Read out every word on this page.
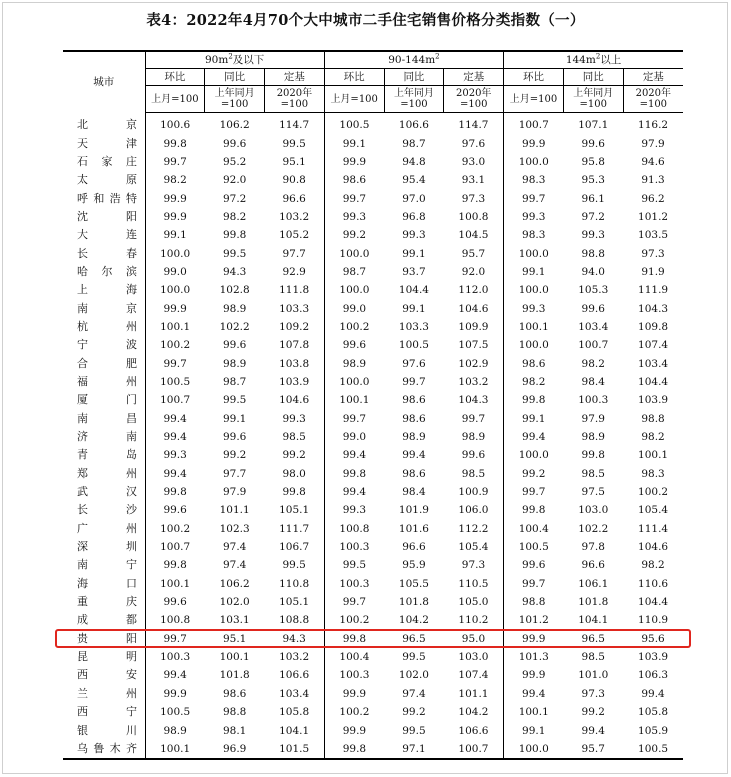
表4：2022年4月70个大中城市二手住宅销售价格分类指数（一）
城市	$90m^2$及以下			$90-144m^2$			$144m^2$以上		
	环比	同比	定基	环比	同比	定基	环比	同比	定基
	上月=100	上年同月=100	2020年=100	上月=100	上年同月=100	2020年=100	上月=100	上年同月=100	2020年=100
北京	100.6	106.2	114.7	100.5	106.6	114.7	100.7	107.1	116.2
天津	99.8	99.6	99.5	99.1	98.7	97.6	99.9	99.6	97.9
石家庄	99.7	95.2	95.1	99.9	94.8	93.0	100.0	95.8	94.6
太原	98.2	92.0	90.8	98.6	95.4	93.1	98.3	95.3	91.3
呼和浩特	99.9	97.2	96.6	99.7	97.0	97.3	99.7	96.1	96.2
沈阳	99.9	98.2	103.2	99.3	96.8	100.8	99.3	97.2	101.2
大连	99.1	99.8	105.2	99.2	99.3	104.5	98.3	99.3	103.5
长春	100.0	99.5	97.7	100.0	99.1	95.7	100.0	98.8	97.3
哈尔滨	99.0	94.3	92.9	98.7	93.7	92.0	99.1	94.0	91.9
上海	100.0	102.8	111.8	100.0	104.4	112.0	100.0	105.3	111.9
南京	99.9	98.9	103.3	99.0	99.1	104.6	99.3	99.6	104.3
杭州	100.1	102.2	109.2	100.2	103.3	109.9	100.1	103.4	109.8
宁波	100.2	99.6	107.8	99.6	100.5	107.5	100.0	100.7	107.4
合肥	99.7	98.9	103.8	98.9	97.6	102.9	98.6	98.2	103.4
福州	100.5	98.7	103.9	100.0	99.7	103.2	98.2	98.4	104.4
厦门	100.7	99.5	104.6	100.1	98.6	104.3	99.8	100.3	103.9
南昌	99.4	99.1	99.3	99.7	98.6	99.7	99.1	97.9	98.8
济南	99.4	99.6	98.5	99.0	98.9	98.9	99.4	98.9	98.2
青岛	99.3	99.2	99.2	99.4	99.4	99.6	100.0	99.8	100.1
郑州	99.4	97.7	98.0	99.8	98.6	98.5	99.2	98.5	98.3
武汉	99.8	97.9	99.8	99.4	98.4	100.9	99.7	97.5	100.2
长沙	99.6	101.1	105.1	99.3	101.9	106.0	99.8	103.0	105.4
广州	100.2	102.3	111.7	100.8	101.6	112.2	100.4	102.2	111.4
深圳	100.7	97.4	106.7	100.3	96.6	105.4	100.5	97.8	104.6
南宁	99.8	97.4	99.5	99.5	95.9	97.3	99.6	96.6	98.2
海口	100.1	106.2	110.8	100.3	105.5	110.5	99.7	106.1	110.6
重庆	99.6	102.0	105.1	99.7	101.8	105.0	98.8	101.8	104.4
成都	100.8	103.1	108.8	100.2	104.2	110.2	101.2	104.1	110.9
贵阳	99.7	95.1	94.3	99.8	96.5	95.0	99.9	96.5	95.6
昆明	100.3	100.1	103.2	100.4	99.5	103.0	101.3	98.5	103.9
西安	99.4	101.8	106.6	100.3	102.0	107.4	99.9	101.0	106.3
兰州	99.9	98.6	103.4	99.9	97.4	101.1	99.4	97.3	99.4
西宁	100.5	98.8	105.8	100.2	99.2	104.2	100.1	99.2	105.8
银川	98.9	98.1	104.1	99.9	99.5	106.6	99.1	99.4	105.9
乌鲁木齐	100.1	96.9	101.5	99.8	97.1	100.7	100.0	95.7	100.5
